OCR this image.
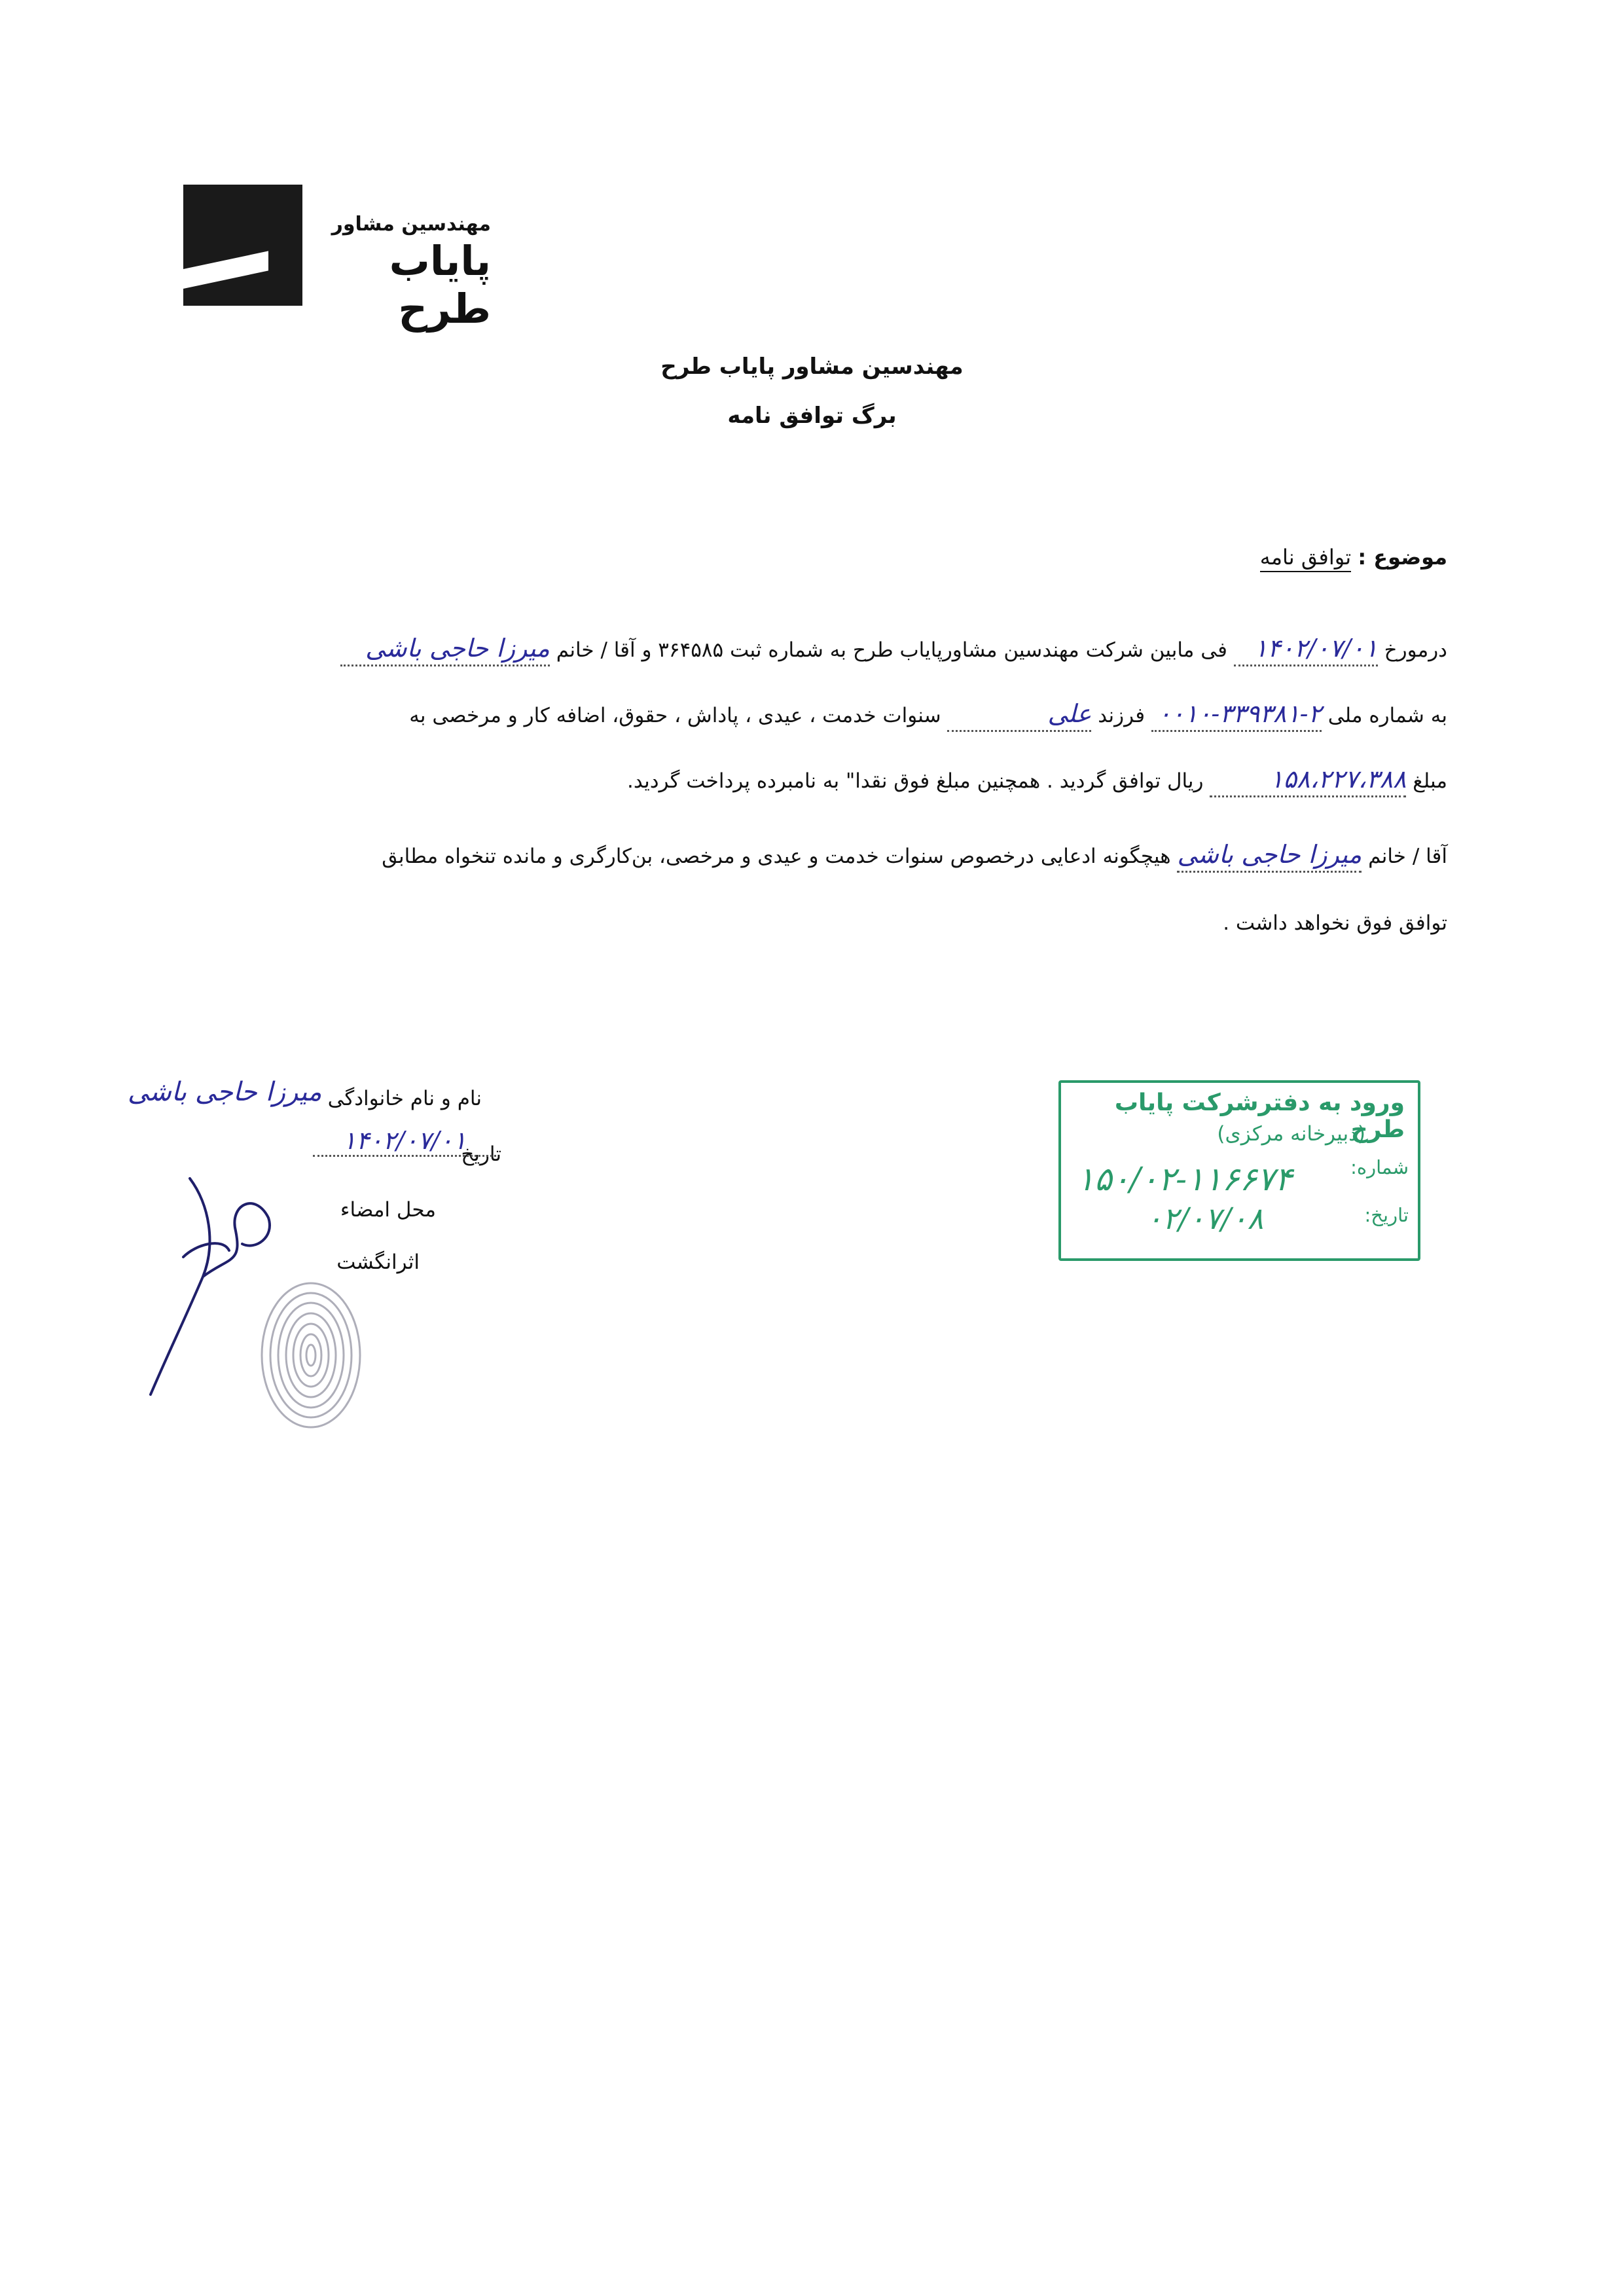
مهندسین مشاور
پایاب طرح
مهندسین مشاور پایاب طرح
برگ توافق نامه
موضوع : توافق نامه
درمورخ ۱۴۰۲/۰۷/۰۱ فی مابین شرکت مهندسین مشاورپایاب طرح به شماره ثبت ۳۶۴۵۸۵ و آقا / خانم میرزا حاجی باشی
به شماره ملی ۰۰۱۰-۳۳۹۳۸۱-۲ فرزند علی سنوات خدمت ، عیدی ، پاداش ، حقوق، اضافه کار و مرخصی به
مبلغ ۱۵۸،۲۲۷،۳۸۸ ریال توافق گردید . همچنین مبلغ فوق نقدا" به نامبرده پرداخت گردید.
آقا / خانم میرزا حاجی باشی هیچگونه ادعایی درخصوص سنوات خدمت و عیدی و مرخصی، بن‌کارگری و مانده تنخواه مطابق
توافق فوق نخواهد داشت .
نام و نام خانوادگی
میرزا حاجی باشی
تاریخ
۱۴۰۲/۰۷/۰۱
محل امضاء
اثرانگشت
ورود به دفترشرکت پایاب طرح
(دبیرخانه مرکزی)
شماره:
۱۵۰/۰۲-۱۱۶۶۷۴
تاریخ:
۰۲/۰۷/۰۸
